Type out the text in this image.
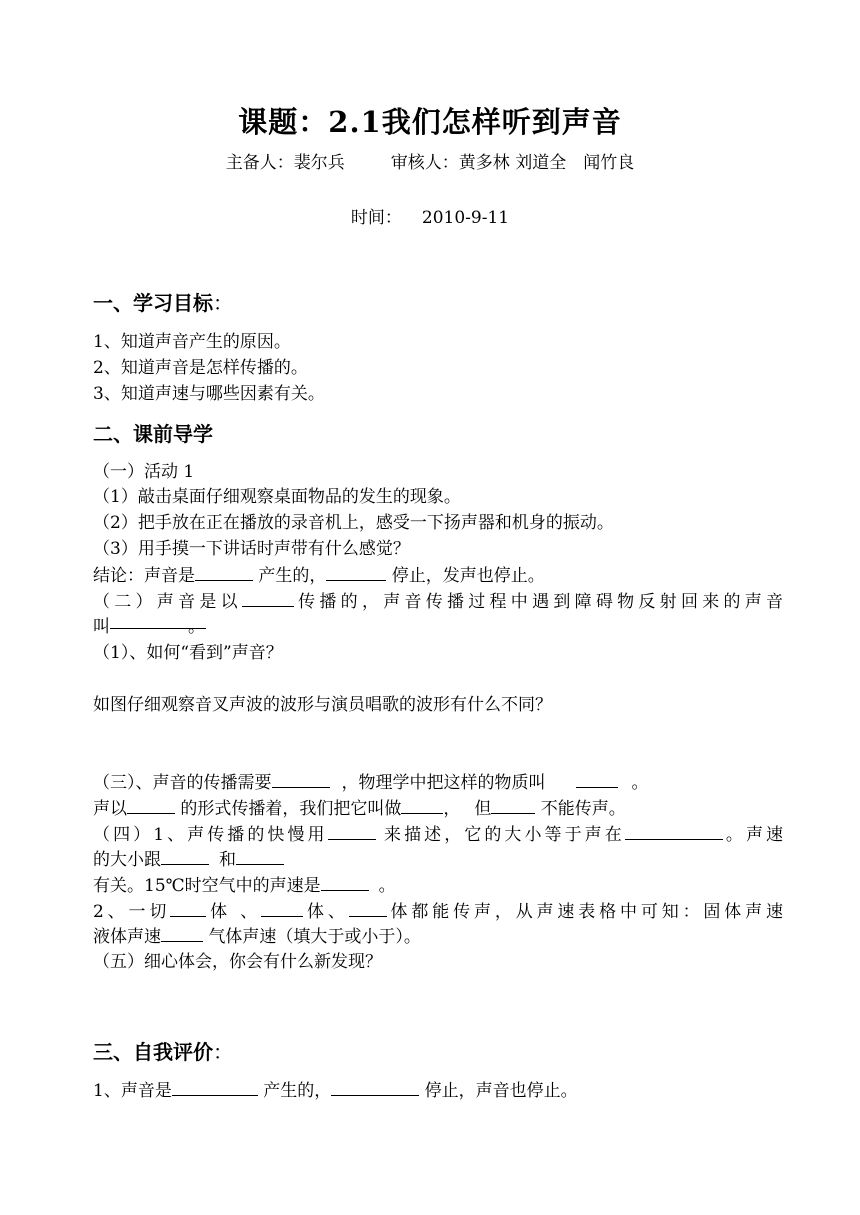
课题：2.1我们怎样听到声音
主备人：裴尔兵	审核人：黄多林 刘道全　闻竹良
时间： 2010-9-11
一、学习目标：
1、知道声音产生的原因。
2、知道声音是怎样传播的。
3、知道声速与哪些因素有关。
二、课前导学
（一）活动 1
（1）敲击桌面仔细观察桌面物品的发生的现象。
（2）把手放在正在播放的录音机上，感受一下扬声器和机身的振动。
（3）用手摸一下讲话时声带有什么感觉？
结论：声音是	产生的，	停止，发声也停止。
（二）声音是以	传播的，声音传播过程中遇到障碍物反射回来的声音
叫	。
（1）、如何“看到”声音？
如图仔细观察音叉声波的波形与演员唱歌的波形有什么不同？
（三）、声音的传播需要	，物理学中把这样的物质叫	。
声以	的形式传播着，我们把它叫做 ， 但	不能传声。
（四）1、声传播的快慢用	来描述，它的大小等于声在	。声速
的大小跟	和
有关。15℃时空气中的声速是	。
2、一切 体 、 体、 体都能传声，从声速表格中可知：固体声速
液体声速 气体声速（填大于或小于）。
（五）细心体会，你会有什么新发现？
三、自我评价：
1、声音是	产生的，	停止，声音也停止。
